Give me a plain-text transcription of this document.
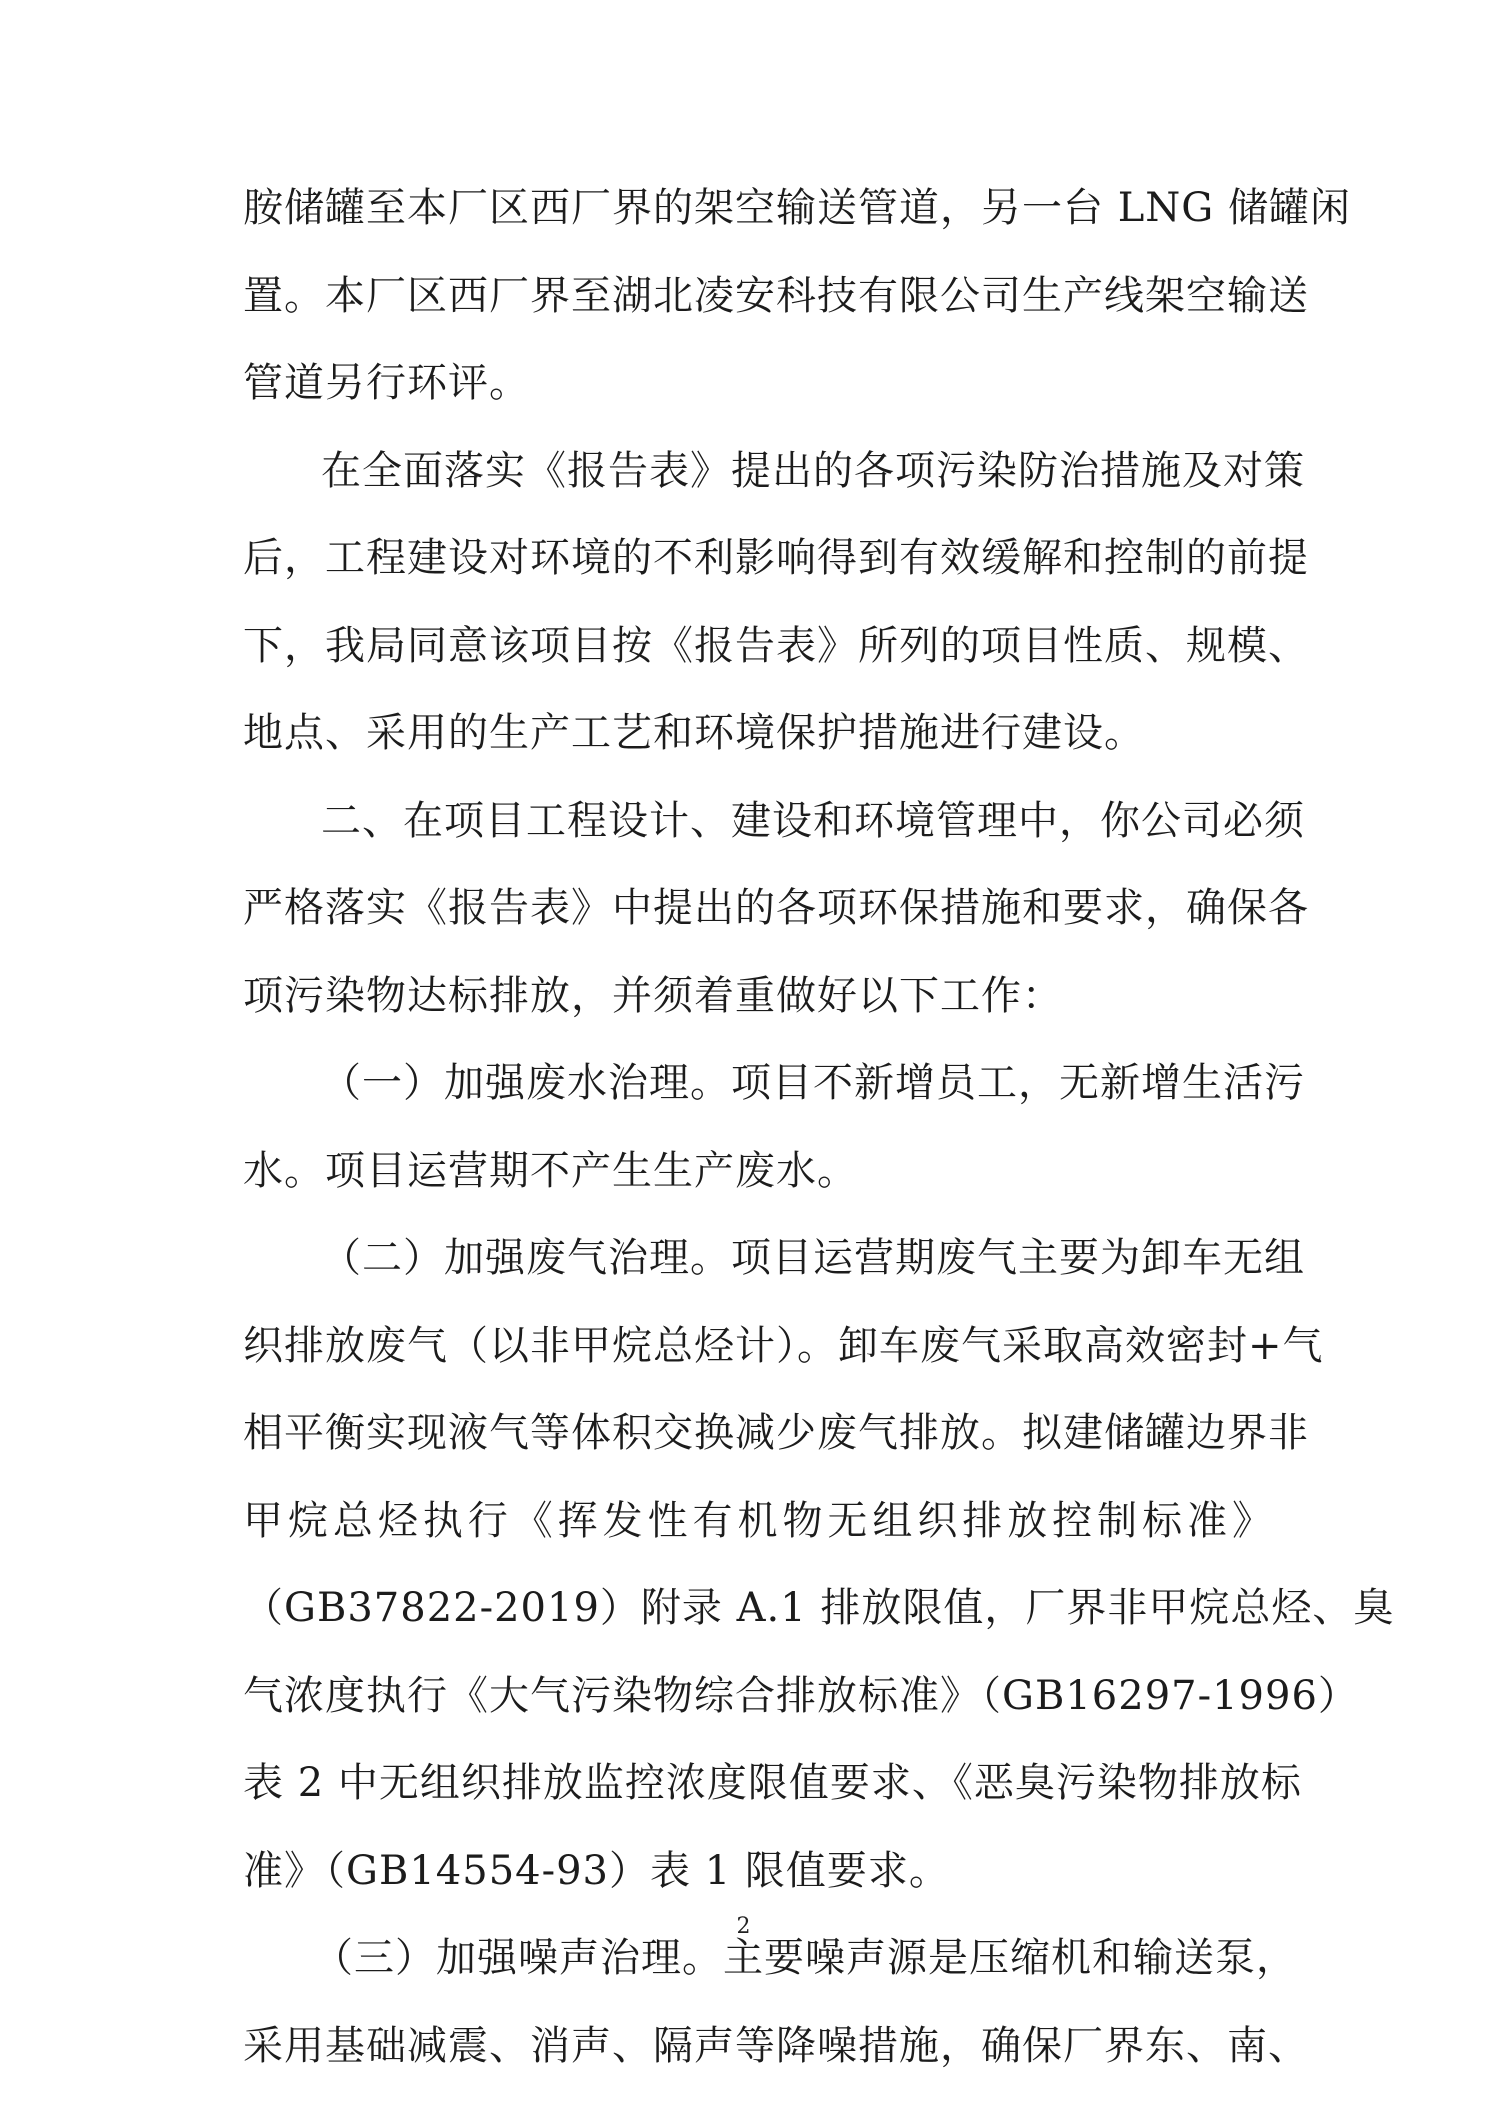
胺储罐至本厂区西厂界的架空输送管道，另一台 LNG 储罐闲
置。本厂区西厂界至湖北凌安科技有限公司生产线架空输送
管道另行环评。
在全面落实《报告表》提出的各项污染防治措施及对策
后，工程建设对环境的不利影响得到有效缓解和控制的前提
下，我局同意该项目按《报告表》所列的项目性质、规模、
地点、采用的生产工艺和环境保护措施进行建设。
二、在项目工程设计、建设和环境管理中，你公司必须
严格落实《报告表》中提出的各项环保措施和要求，确保各
项污染物达标排放，并须着重做好以下工作：
（一）加强废水治理。项目不新增员工，无新增生活污
水。项目运营期不产生生产废水。
（二）加强废气治理。项目运营期废气主要为卸车无组
织排放废气（以非甲烷总烃计）。卸车废气采取高效密封+气
相平衡实现液气等体积交换减少废气排放。拟建储罐边界非
甲烷总烃执行《挥发性有机物无组织排放控制标准》
（GB37822-2019）附录 A.1 排放限值，厂界非甲烷总烃、臭
气浓度执行《大气污染物综合排放标准》（GB16297-1996）
表 2 中无组织排放监控浓度限值要求、《恶臭污染物排放标
准》（GB14554-93）表 1 限值要求。
（三）加强噪声治理。主要噪声源是压缩机和输送泵，
采用基础减震、消声、隔声等降噪措施，确保厂界东、南、
2
